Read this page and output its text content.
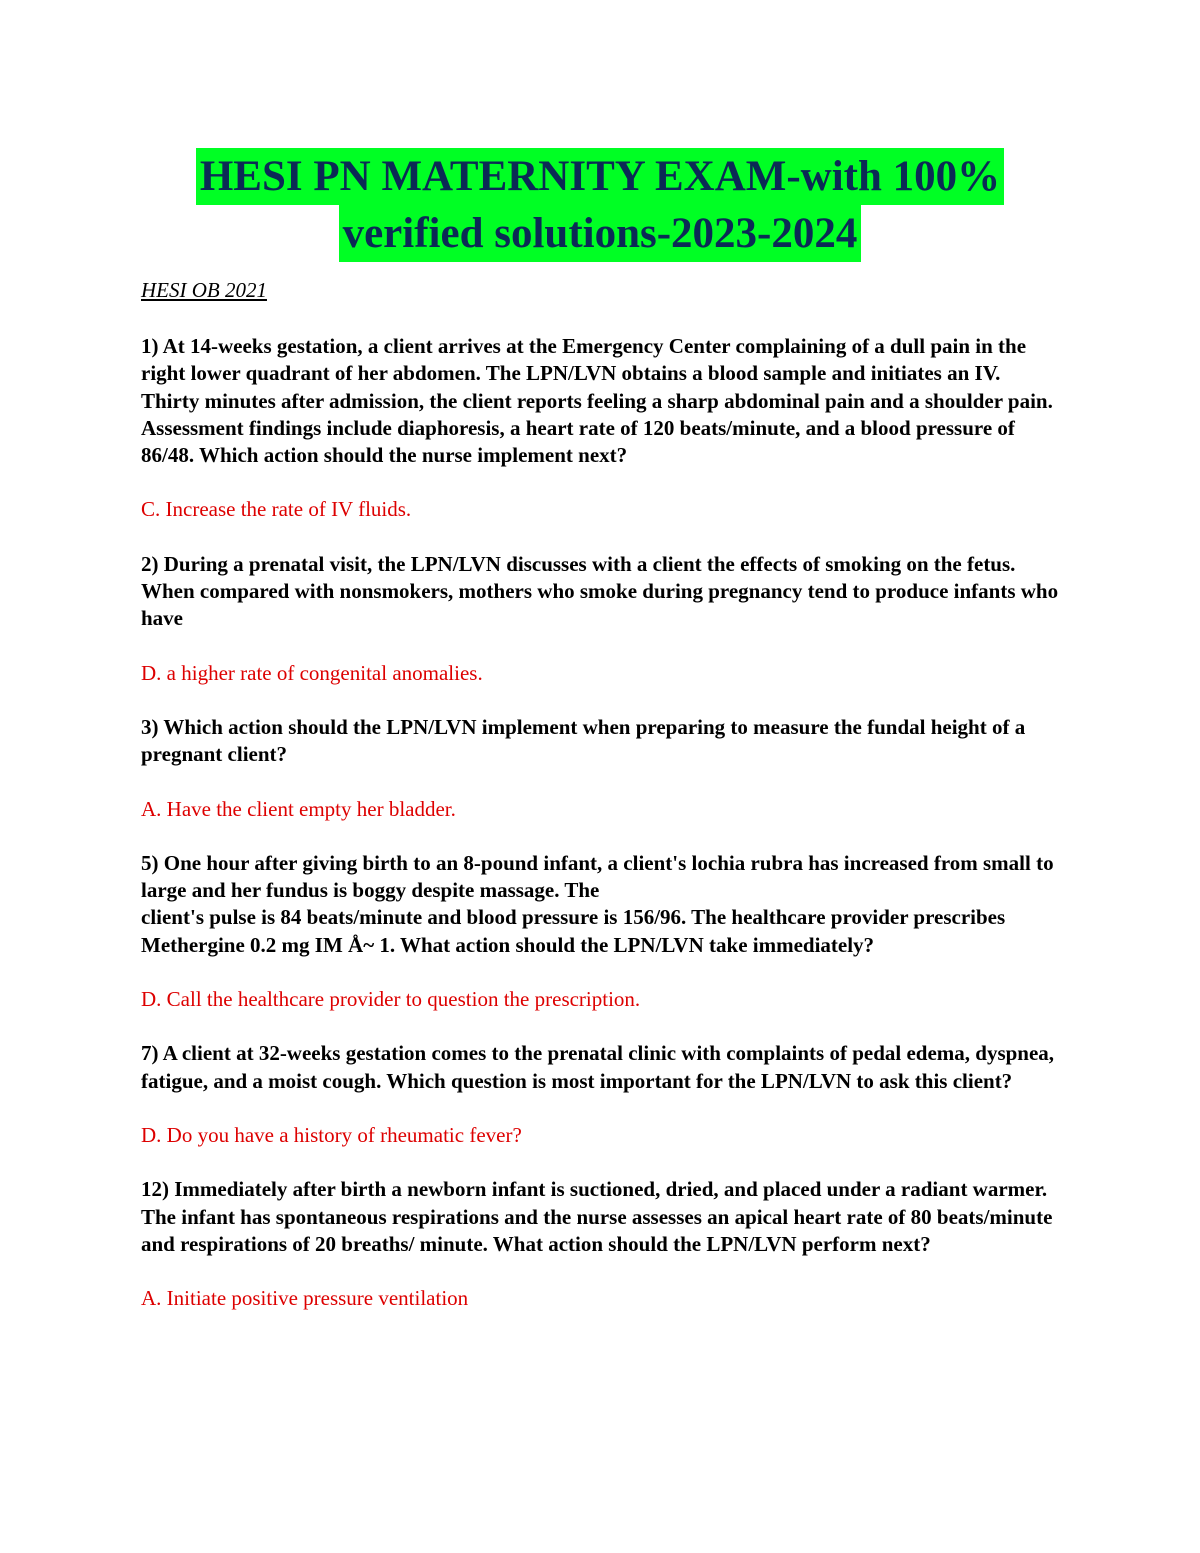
HESI PN MATERNITY EXAM-with 100%
verified solutions-2023-2024
HESI OB 2021

1) At 14-weeks gestation, a client arrives at the Emergency Center complaining of a dull pain in the right lower quadrant of her abdomen. The LPN/LVN obtains a blood sample and initiates an IV. Thirty minutes after admission, the client reports feeling a sharp abdominal pain and a shoulder pain. Assessment findings include diaphoresis, a heart rate of 120 beats/minute, and a blood pressure of 86/48. Which action should the nurse implement next?

C. Increase the rate of IV fluids.

2) During a prenatal visit, the LPN/LVN discusses with a client the effects of smoking on the fetus. When compared with nonsmokers, mothers who smoke during pregnancy tend to produce infants who have

D. a higher rate of congenital anomalies.

3) Which action should the LPN/LVN implement when preparing to measure the fundal height of a pregnant client?

A. Have the client empty her bladder.

5) One hour after giving birth to an 8-pound infant, a client's lochia rubra has increased from small to large and her fundus is boggy despite massage. The
client's pulse is 84 beats/minute and blood pressure is 156/96. The healthcare provider prescribes Methergine 0.2 mg IM Å~ 1. What action should the LPN/LVN take immediately?

D. Call the healthcare provider to question the prescription.

7) A client at 32-weeks gestation comes to the prenatal clinic with complaints of pedal edema, dyspnea, fatigue, and a moist cough. Which question is most important for the LPN/LVN to ask this client?

D. Do you have a history of rheumatic fever?

12) Immediately after birth a newborn infant is suctioned, dried, and placed under a radiant warmer. The infant has spontaneous respirations and the nurse assesses an apical heart rate of 80 beats/minute and respirations of 20 breaths/ minute. What action should the LPN/LVN perform next?

A. Initiate positive pressure ventilation
